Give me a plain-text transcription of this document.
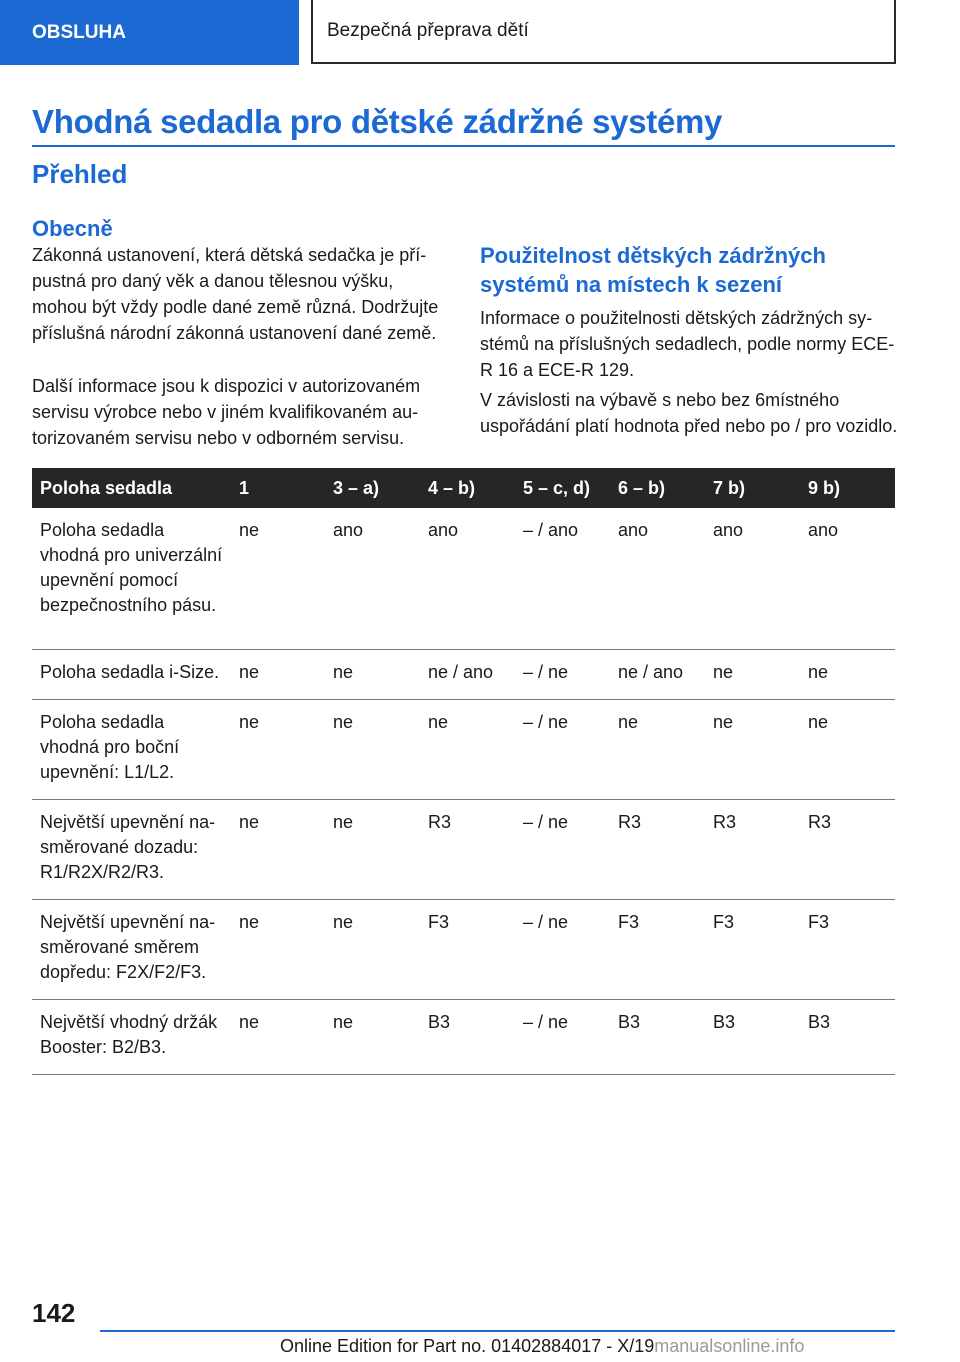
OBSLUHA	Bezpečná přeprava dětí
Vhodná sedadla pro dětské zádržné systémy
Přehled
Obecně

Zákonná ustanovení, která dětská sedačka je přípustná pro daný věk a danou tělesnou výšku, mohou být vždy podle dané země různá. Dodržujte příslušná národní zákonná ustanovení dané země.

Další informace jsou k dispozici v autorizovaném servisu výrobce nebo v jiném kvalifikovaném autorizovaném servisu nebo v odborném servisu.

Použitelnost dětských zádržných systémů na místech k sezení

Informace o použitelnosti dětských zádržných systémů na příslušných sedadlech, podle normy ECE-R 16 a ECE-R 129.

V závislosti na výbavě s nebo bez 6místného uspořádání platí hodnota před nebo po / pro vozidlo.

Poloha sedadla	1	3 – a)	4 – b)	5 – c, d)	6 – b)	7 b)	9 b)
Poloha sedadla vhodná pro univerzální upevnění pomocí bezpečnostního pásu.	ne	ano	ano	– / ano	ano	ano	ano
Poloha sedadla i-Size.	ne	ne	ne / ano	– / ne	ne / ano	ne	ne
Poloha sedadla vhodná pro boční upevnění: L1/L2.	ne	ne	ne	– / ne	ne	ne	ne
Největší upevnění nasměrované dozadu: R1/R2X/R2/R3.	ne	ne	R3	– / ne	R3	R3	R3
Největší upevnění nasměrované směrem dopředu: F2X/F2/F3.	ne	ne	F3	– / ne	F3	F3	F3
Největší vhodný držák Booster: B2/B3.	ne	ne	B3	– / ne	B3	B3	B3
142
Online Edition for Part no. 01402884017 - X/19manualsonline.info
